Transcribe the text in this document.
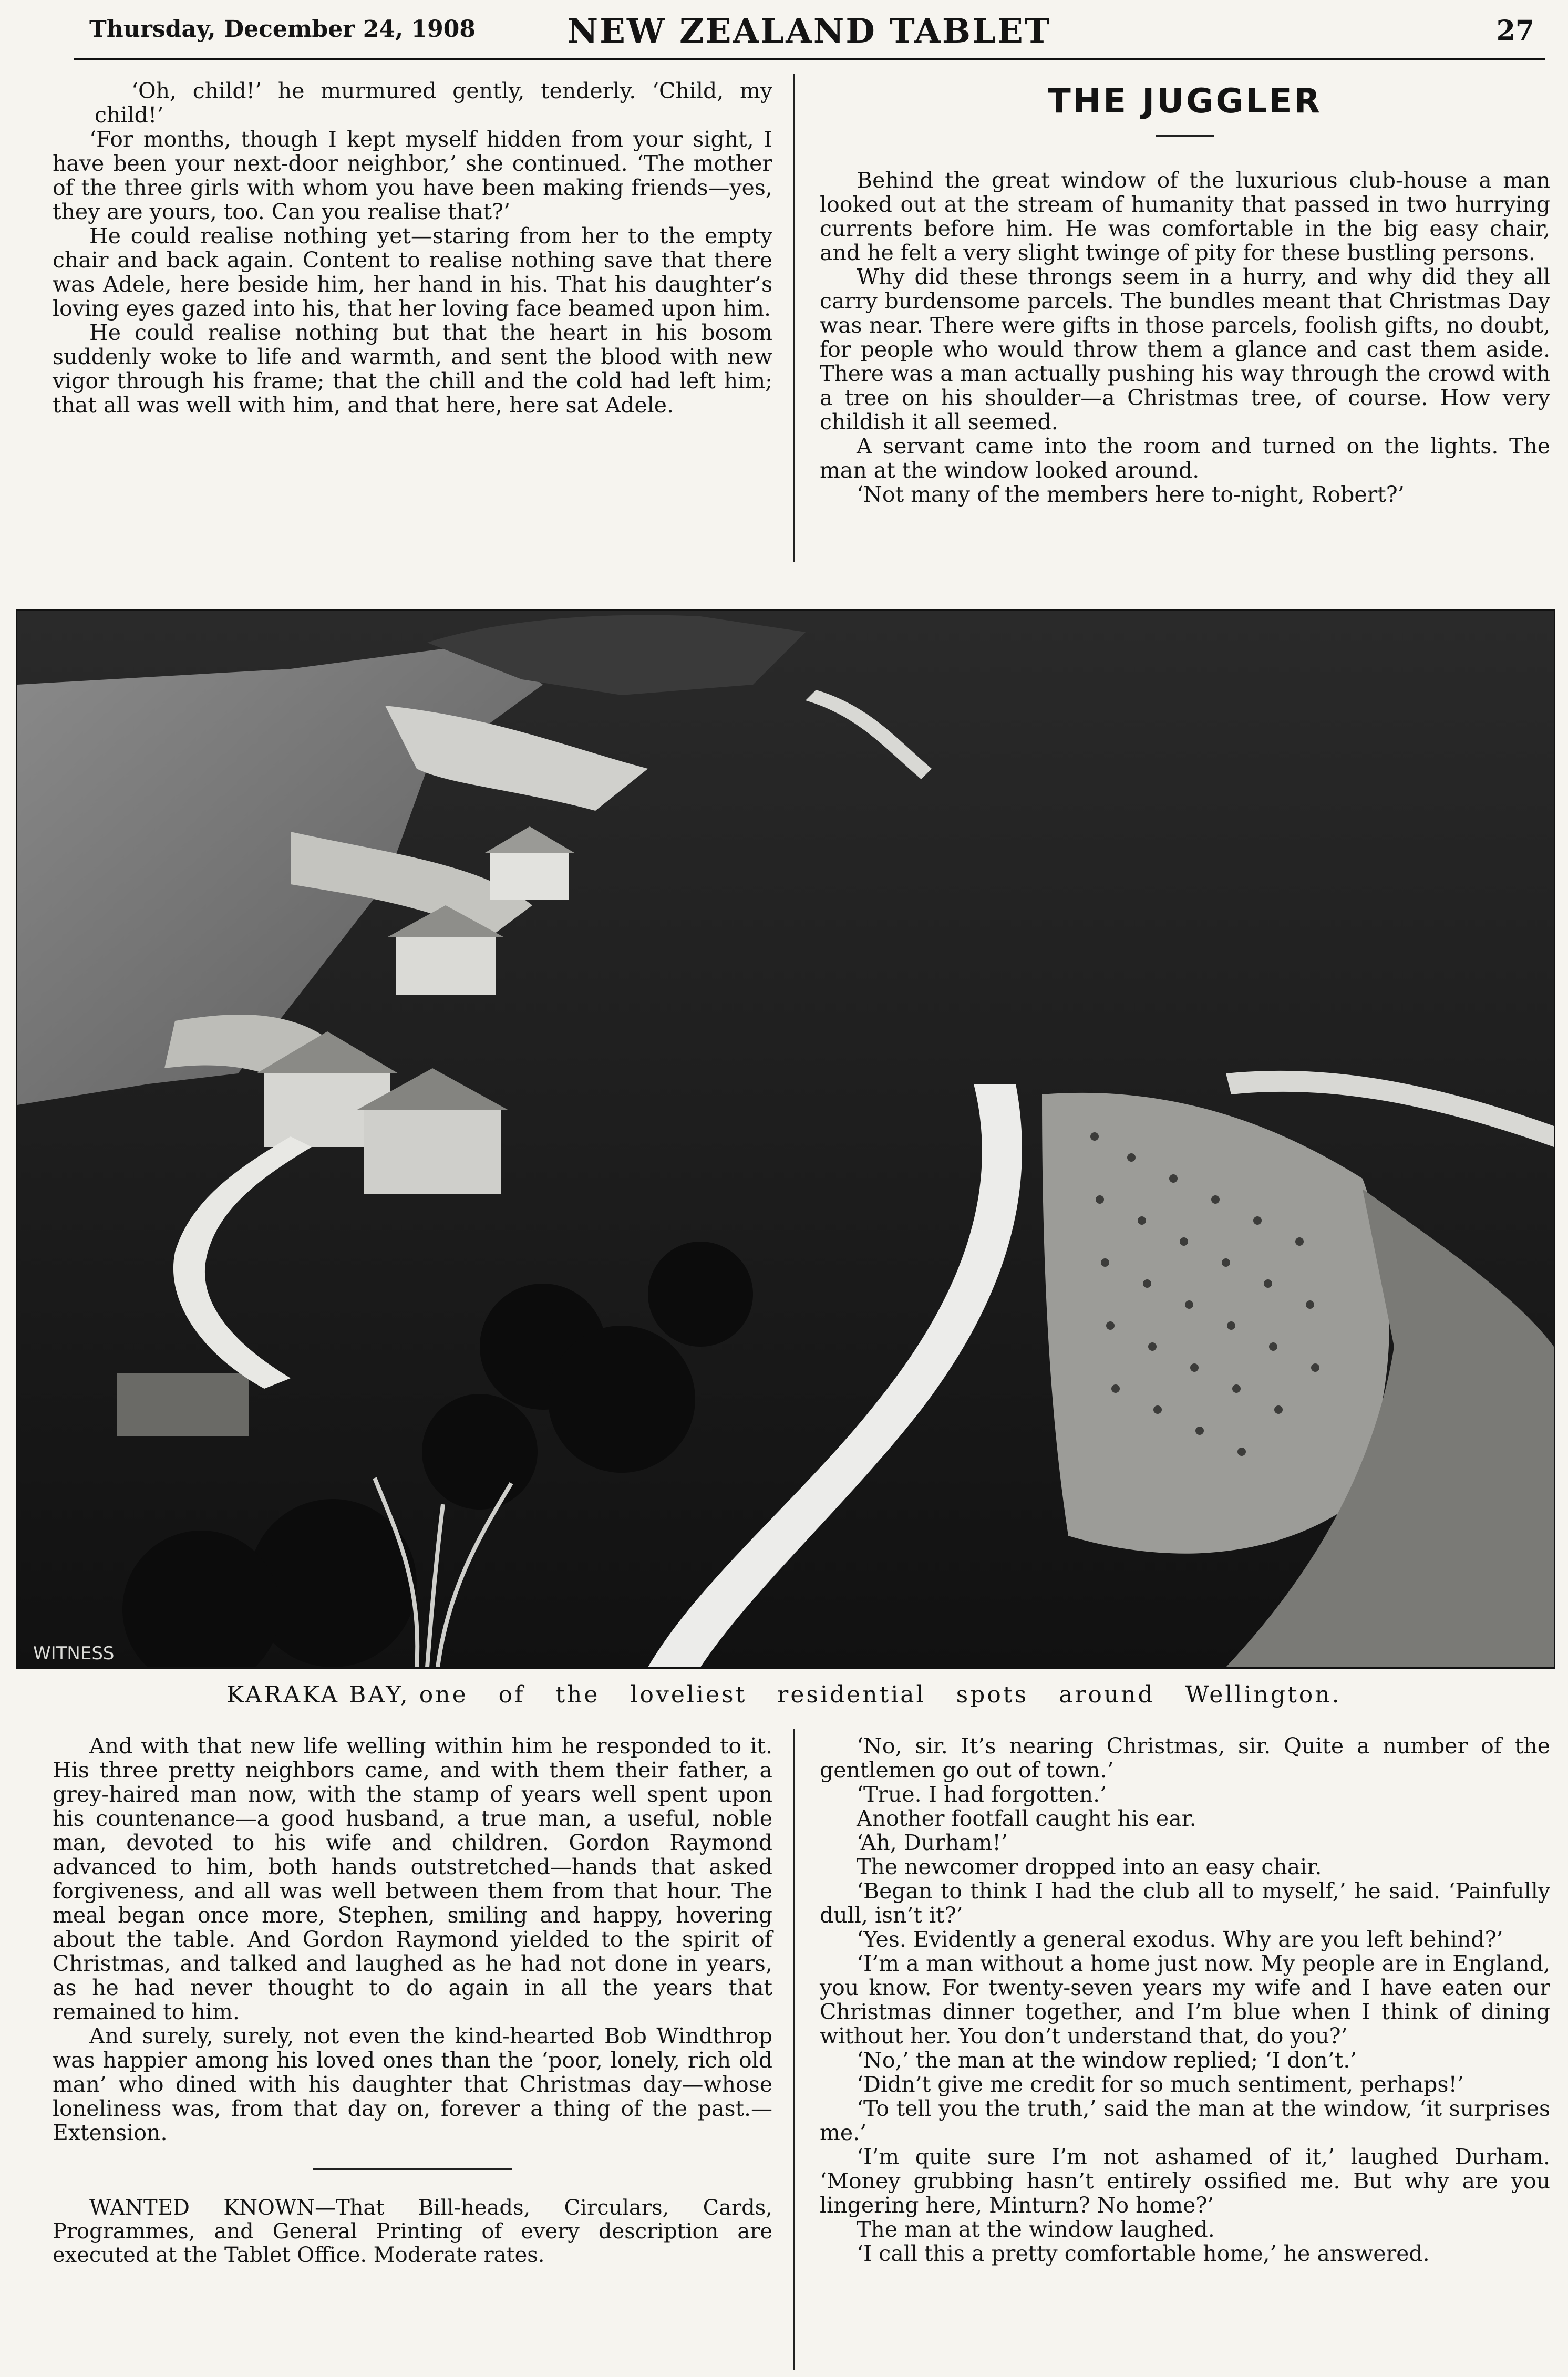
Thursday, December 24, 1908	NEW ZEALAND TABLET	27

‘Oh, child!’ he murmured gently, tenderly. ‘Child, my child!’

‘For months, though I kept myself hidden from your sight, I have been your next-door neighbor,’ she continued. ‘The mother of the three girls with whom you have been making friends—yes, they are yours, too. Can you realise that?’

He could realise nothing yet—staring from her to the empty chair and back again. Content to realise nothing save that there was Adele, here beside him, her hand in his. That his daughter’s loving eyes gazed into his, that her loving face beamed upon him.

He could realise nothing but that the heart in his bosom suddenly woke to life and warmth, and sent the blood with new vigor through his frame; that the chill and the cold had left him; that all was well with him, and that here, here sat Adele.

THE JUGGLER

Behind the great window of the luxurious club-house a man looked out at the stream of humanity that passed in two hurrying currents before him. He was comfortable in the big easy chair, and he felt a very slight twinge of pity for these bustling persons.

Why did these throngs seem in a hurry, and why did they all carry burdensome parcels. The bundles meant that Christmas Day was near. There were gifts in those parcels, foolish gifts, no doubt, for people who would throw them a glance and cast them aside. There was a man actually pushing his way through the crowd with a tree on his shoulder—a Christmas tree, of course. How very childish it all seemed.

A servant came into the room and turned on the lights. The man at the window looked around.

‘Not many of the members here to-night, Robert?’

WITNESS
KARAKA BAY, one of the loveliest residential spots around Wellington.

And with that new life welling within him he responded to it. His three pretty neighbors came, and with them their father, a grey-haired man now, with the stamp of years well spent upon his countenance—a good husband, a true man, a useful, noble man, devoted to his wife and children. Gordon Raymond advanced to him, both hands outstretched—hands that asked forgiveness, and all was well between them from that hour. The meal began once more, Stephen, smiling and happy, hovering about the table. And Gordon Raymond yielded to the spirit of Christmas, and talked and laughed as he had not done in years, as he had never thought to do again in all the years that remained to him.

And surely, surely, not even the kind-hearted Bob Windthrop was happier among his loved ones than the ‘poor, lonely, rich old man’ who dined with his daughter that Christmas day—whose loneliness was, from that day on, forever a thing of the past.—Extension.

WANTED KNOWN—That Bill-heads, Circulars, Cards, Programmes, and General Printing of every description are executed at the Tablet Office. Moderate rates.

‘No, sir. It’s nearing Christmas, sir. Quite a number of the gentlemen go out of town.’

‘True. I had forgotten.’

Another footfall caught his ear.

‘Ah, Durham!’

The newcomer dropped into an easy chair.

‘Began to think I had the club all to myself,’ he said. ‘Painfully dull, isn’t it?’

‘Yes. Evidently a general exodus. Why are you left behind?’

‘I’m a man without a home just now. My people are in England, you know. For twenty-seven years my wife and I have eaten our Christmas dinner together, and I’m blue when I think of dining without her. You don’t understand that, do you?’

‘No,’ the man at the window replied; ‘I don’t.’

‘Didn’t give me credit for so much sentiment, perhaps!’

‘To tell you the truth,’ said the man at the window, ‘it surprises me.’

‘I’m quite sure I’m not ashamed of it,’ laughed Durham. ‘Money grubbing hasn’t entirely ossified me. But why are you lingering here, Minturn? No home?’

The man at the window laughed.

‘I call this a pretty comfortable home,’ he answered.
